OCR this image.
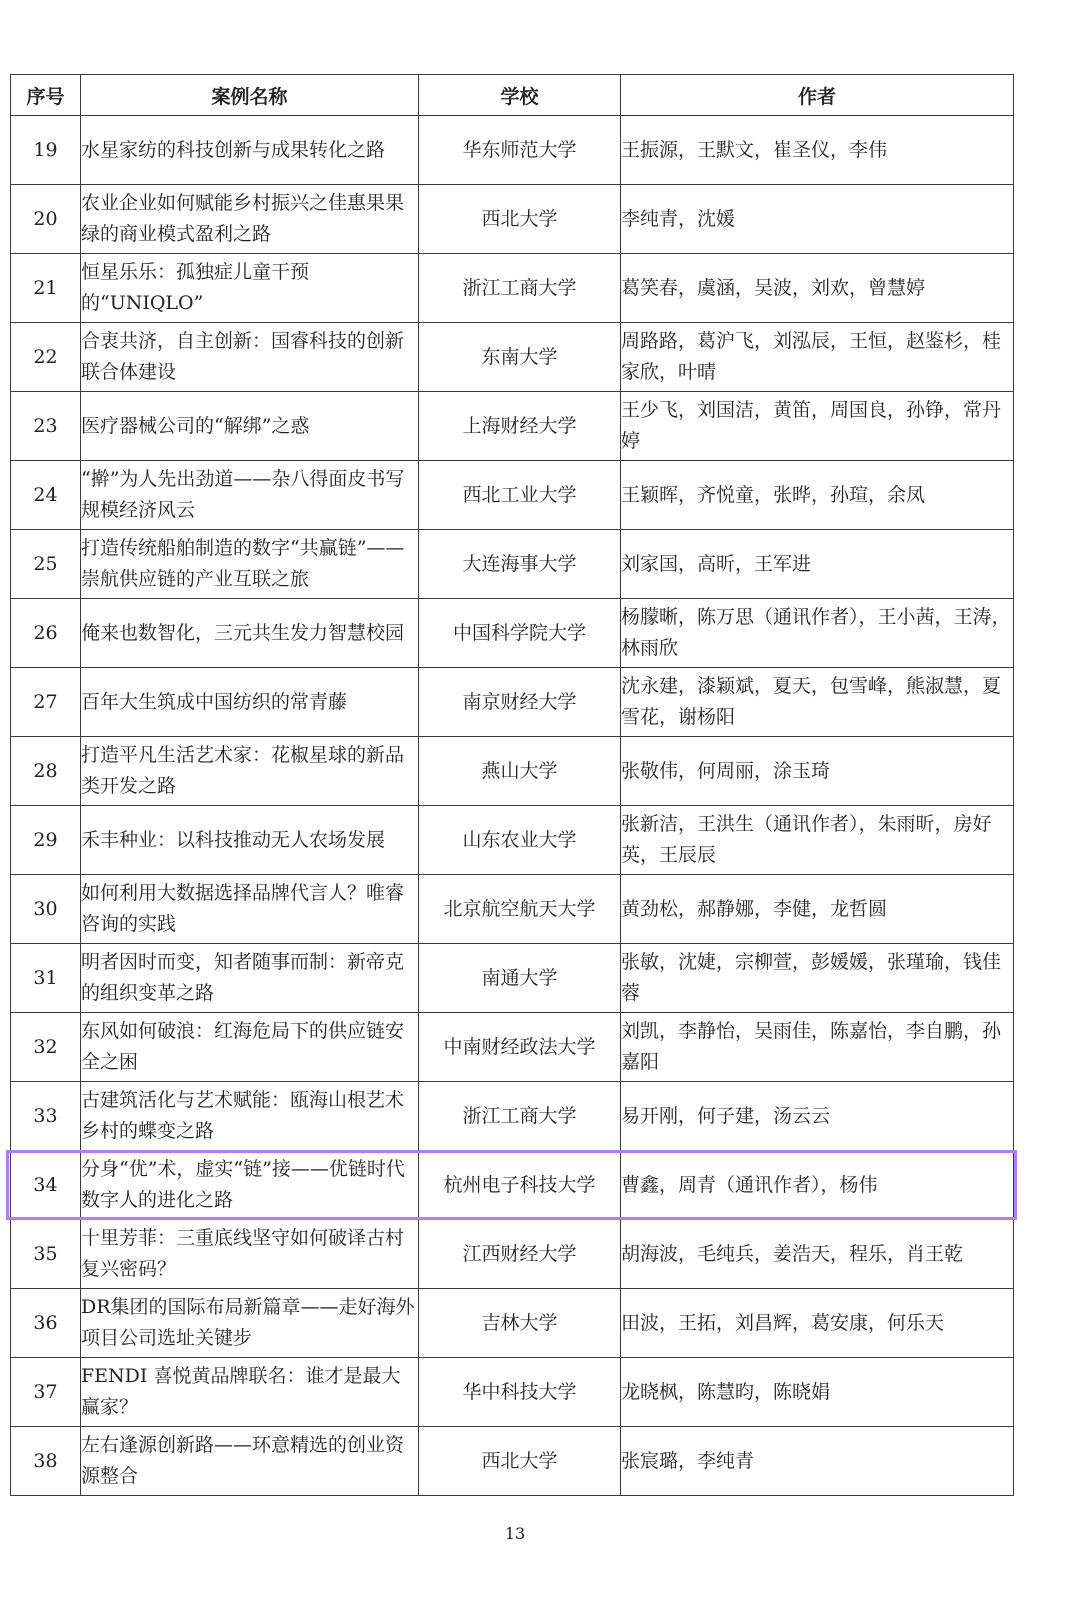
序号	案例名称	学校	作者
19	水星家纺的科技创新与成果转化之路	华东师范大学	王振源，王默文，崔圣仪，李伟
20	农业企业如何赋能乡村振兴之佳惠果果绿的商业模式盈利之路	西北大学	李纯青，沈媛
21	恒星乐乐：孤独症儿童干预的“UNIQLO”	浙江工商大学	葛笑春，虞涵，吴波，刘欢，曾慧婷
22	合衷共济，自主创新：国睿科技的创新联合体建设	东南大学	周路路，葛沪飞，刘泓辰，王恒，赵鉴杉，桂家欣，叶晴
23	医疗器械公司的“解绑”之惑	上海财经大学	王少飞，刘国洁，黄笛，周国良，孙铮，常丹婷
24	“擀”为人先出劲道——杂八得面皮书写规模经济风云	西北工业大学	王颖晖，齐悦童，张晔，孙瑄，余凤
25	打造传统船舶制造的数字“共赢链”——崇航供应链的产业互联之旅	大连海事大学	刘家国，高昕，王军进
26	俺来也数智化，三元共生发力智慧校园	中国科学院大学	杨朦晰，陈万思（通讯作者），王小茜，王涛，林雨欣
27	百年大生筑成中国纺织的常青藤	南京财经大学	沈永建，漆颖斌，夏天，包雪峰，熊淑慧，夏雪花，谢杨阳
28	打造平凡生活艺术家：花椒星球的新品类开发之路	燕山大学	张敬伟，何周丽，涂玉琦
29	禾丰种业：以科技推动无人农场发展	山东农业大学	张新洁，王洪生（通讯作者），朱雨昕，房好英，王辰辰
30	如何利用大数据选择品牌代言人？唯睿咨询的实践	北京航空航天大学	黄劲松，郝静娜，李健，龙哲圆
31	明者因时而变，知者随事而制：新帝克的组织变革之路	南通大学	张敏，沈婕，宗柳萱，彭媛媛，张瑾瑜，钱佳蓉
32	东风如何破浪：红海危局下的供应链安全之困	中南财经政法大学	刘凯，李静怡，吴雨佳，陈嘉怡，李自鹏，孙嘉阳
33	古建筑活化与艺术赋能：瓯海山根艺术乡村的蝶变之路	浙江工商大学	易开刚，何子建，汤云云
34	分身“优”术，虚实“链”接——优链时代数字人的进化之路	杭州电子科技大学	曹鑫，周青（通讯作者），杨伟
35	十里芳菲：三重底线坚守如何破译古村复兴密码？	江西财经大学	胡海波，毛纯兵，姜浩天，程乐，肖王乾
36	DR集团的国际布局新篇章——走好海外项目公司选址关键步	吉林大学	田波，王拓，刘昌辉，葛安康，何乐天
37	FENDI 喜悦黄品牌联名：谁才是最大赢家？	华中科技大学	龙晓枫，陈慧昀，陈晓娟
38	左右逢源创新路——环意精选的创业资源整合	西北大学	张宸璐，李纯青
13
